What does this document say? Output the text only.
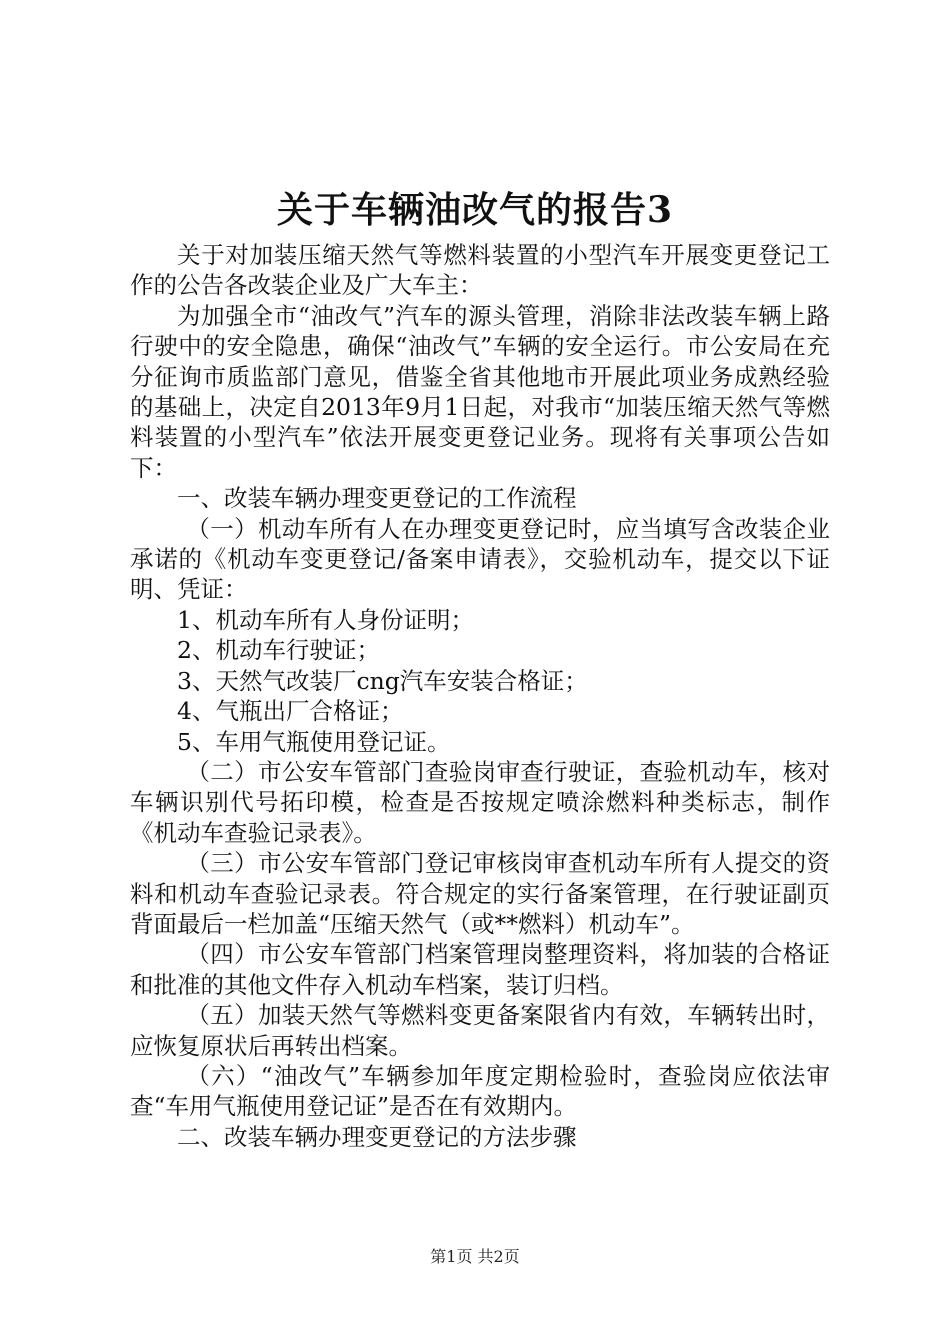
关于车辆油改气的报告3

关于对加装压缩天然气等燃料装置的小型汽车开展变更登记工作的公告各改装企业及广大车主：

为加强全市“油改气”汽车的源头管理，消除非法改装车辆上路行驶中的安全隐患，确保“油改气”车辆的安全运行。市公安局在充分征询市质监部门意见，借鉴全省其他地市开展此项业务成熟经验的基础上，决定自2013年9月1日起，对我市“加装压缩天然气等燃料装置的小型汽车”依法开展变更登记业务。现将有关事项公告如下：

一、改装车辆办理变更登记的工作流程

（一）机动车所有人在办理变更登记时，应当填写含改装企业承诺的《机动车变更登记/备案申请表》，交验机动车，提交以下证明、凭证：

1、机动车所有人身份证明；

2、机动车行驶证；

3、天然气改装厂cng汽车安装合格证；

4、气瓶出厂合格证；

5、车用气瓶使用登记证。

（二）市公安车管部门查验岗审查行驶证，查验机动车，核对车辆识别代号拓印模，检查是否按规定喷涂燃料种类标志，制作《机动车查验记录表》。

（三）市公安车管部门登记审核岗审查机动车所有人提交的资料和机动车查验记录表。符合规定的实行备案管理，在行驶证副页背面最后一栏加盖“压缩天然气（或**燃料）机动车”。

（四）市公安车管部门档案管理岗整理资料，将加装的合格证和批准的其他文件存入机动车档案，装订归档。

（五）加装天然气等燃料变更备案限省内有效，车辆转出时，应恢复原状后再转出档案。

（六）“油改气”车辆参加年度定期检验时，查验岗应依法审查“车用气瓶使用登记证”是否在有效期内。

二、改装车辆办理变更登记的方法步骤

第1页 共2页
